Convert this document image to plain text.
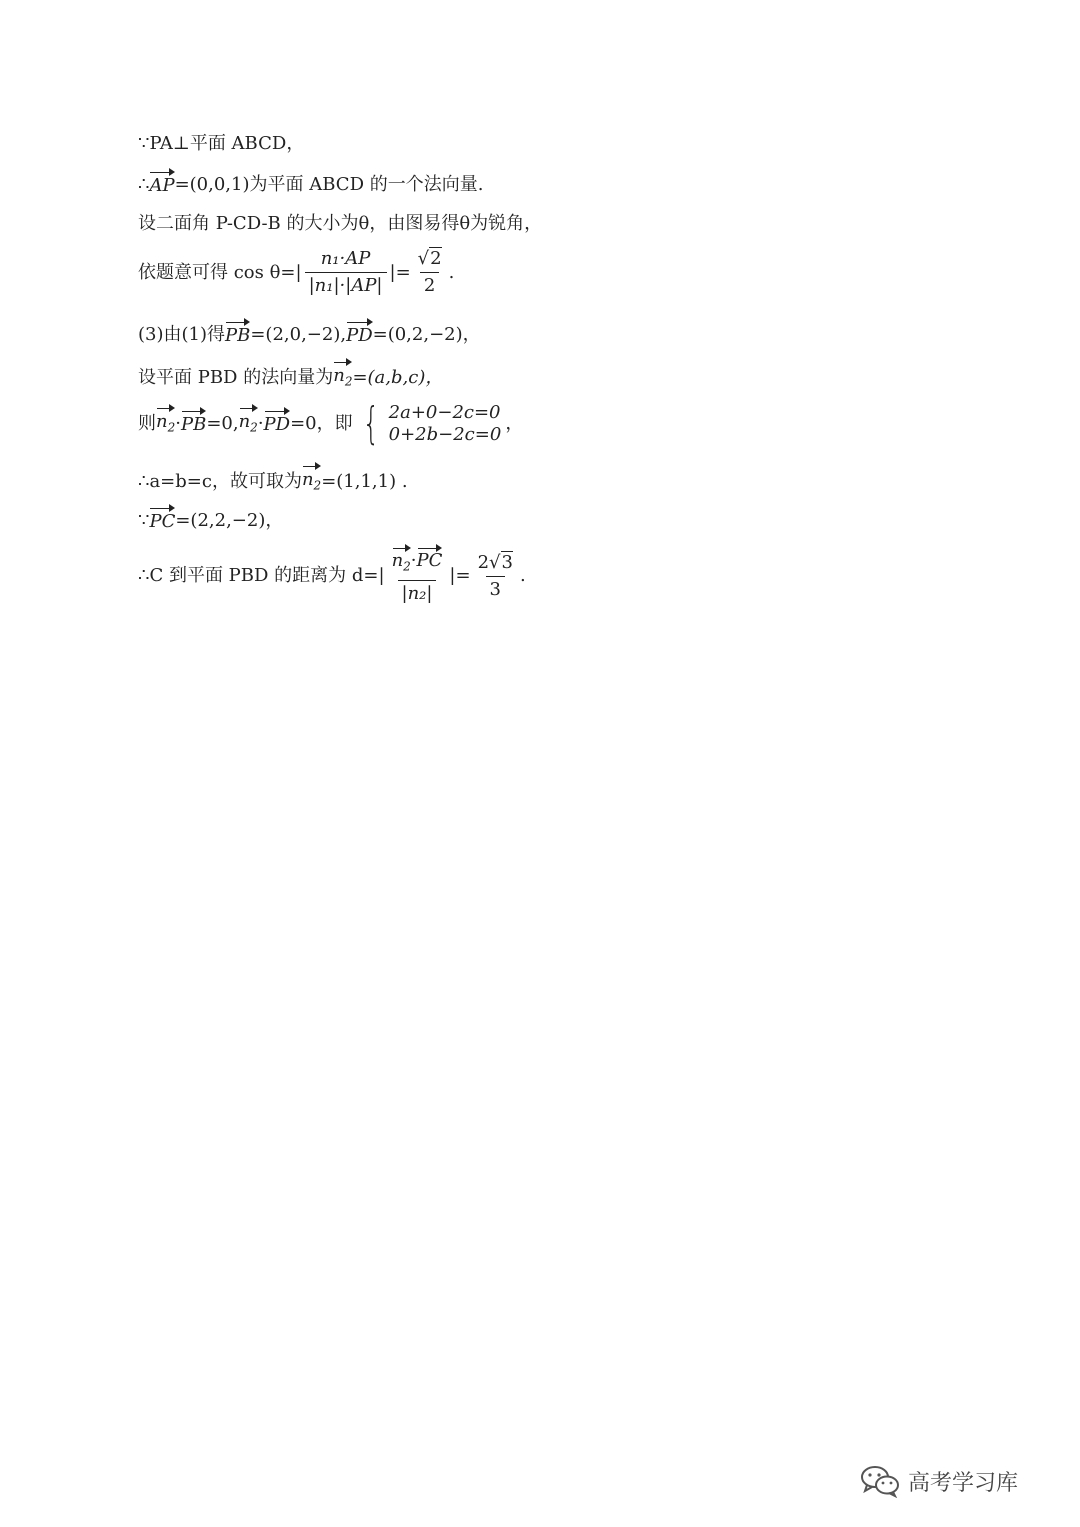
∵PA⊥平面 ABCD，
∴ AP =(0,0,1) 为平面 ABCD 的一个法向量.
设二面角 P-CD-B 的大小为θ，由图易得θ为锐角，
依题意可得 $\cos \theta=| \frac{\text{n₁·AP}}{\text{|n₁|·|AP|}}$ |= $\frac{√2}{2}$ .
(3)由(1)得 PB =(2,0,−2), PD =(0,2,−2)，
设平面 PBD 的法向量为 $n_2 =(a,b,c)$，
则 $n_2$ · PB =0, $n_2$ · PD =0，即 { 2a+0−2c=0
0+2b−2c=0
，
∴a=b=c，故可取为 $n_2 =(1,1,1)$ .
∵ PC =(2,2,−2)，
∴C 到平面 PBD 的距离为 $d=| \frac{n_2\cdot PC}{\text{|n₂|}}$ |= $\frac{2√3}{3}$ .
高考学习库
